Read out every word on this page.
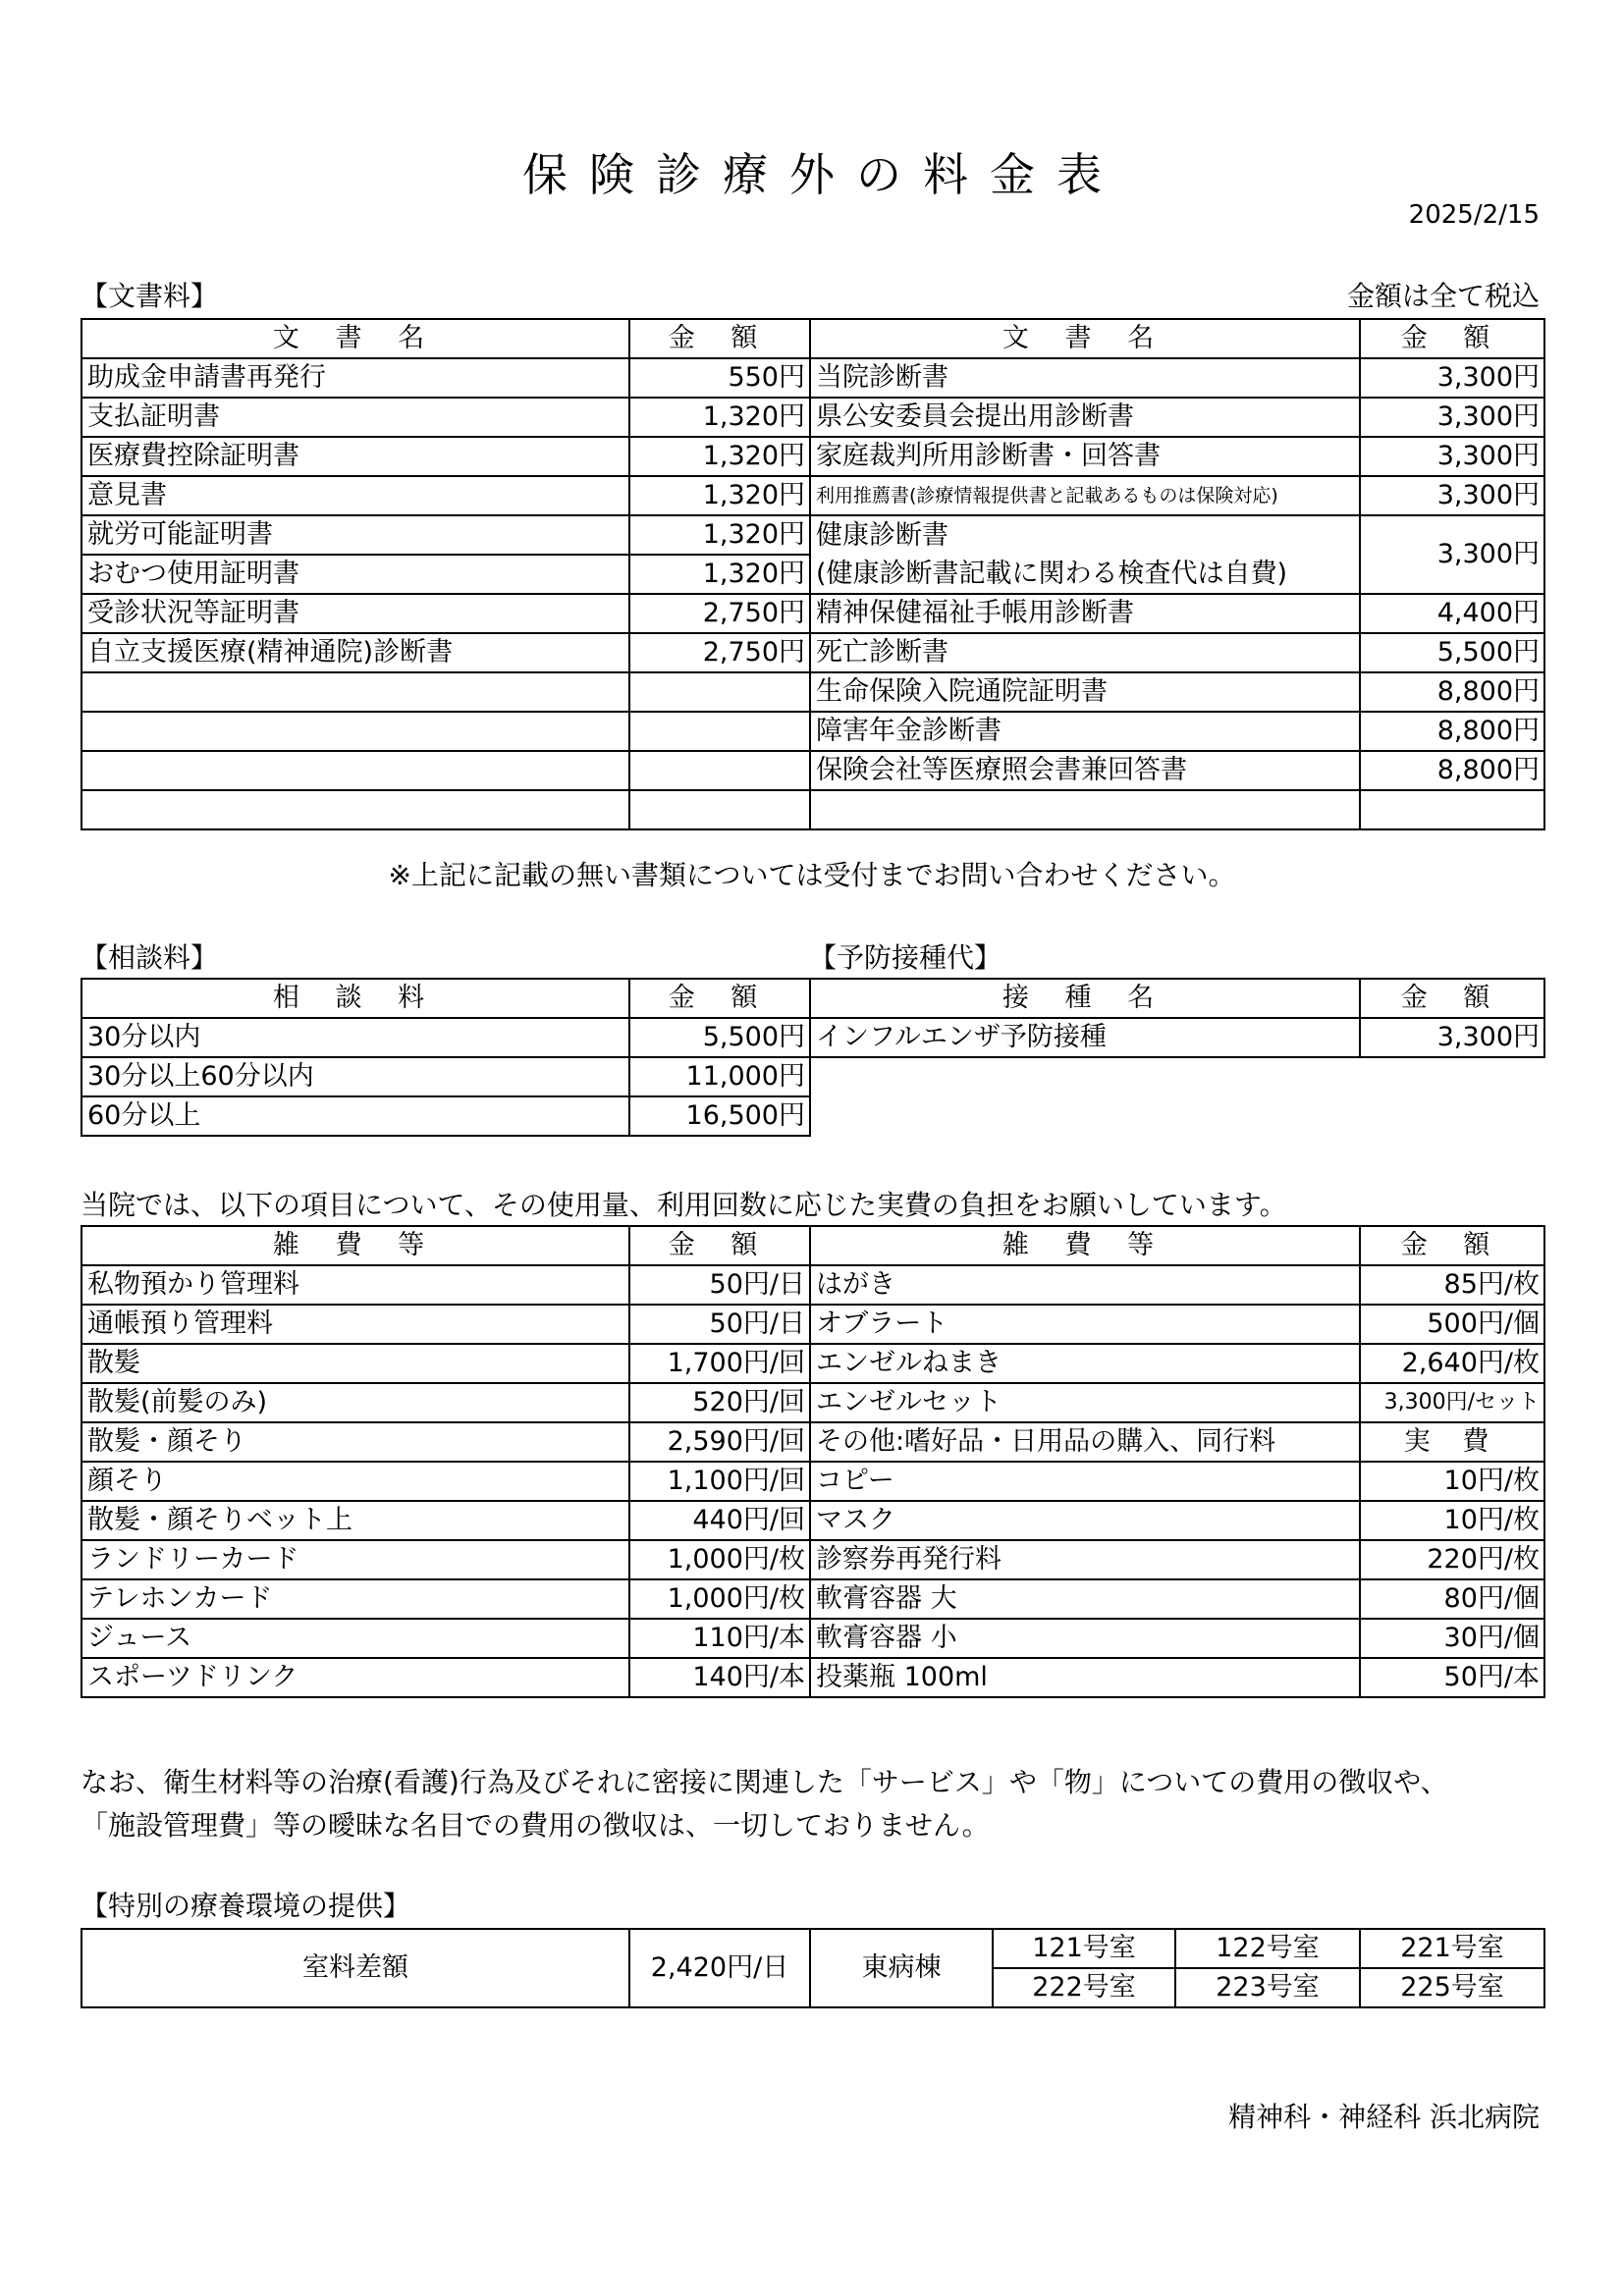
保険診療外の料金表
2025/2/15
【文書料】	金額は全て税込
文 書 名	金 額	文 書 名	金 額
助成金申請書再発行	550円	当院診断書	3,300円
支払証明書	1,320円	県公安委員会提出用診断書	3,300円
医療費控除証明書	1,320円	家庭裁判所用診断書・回答書	3,300円
意見書	1,320円	利用推薦書(診療情報提供書と記載あるものは保険対応)	3,300円
就労可能証明書	1,320円	健康診断書	3,300円
おむつ使用証明書	1,320円	(健康診断書記載に関わる検査代は自費)	
受診状況等証明書	2,750円	精神保健福祉手帳用診断書	4,400円
自立支援医療(精神通院)診断書	2,750円	死亡診断書	5,500円
		生命保険入院通院証明書	8,800円
		障害年金診断書	8,800円
		保険会社等医療照会書兼回答書	8,800円

※上記に記載の無い書類については受付までお問い合わせください。
【相談料】	【予防接種代】
相 談 料	金 額
30分以内	5,500円
30分以上60分以内	11,000円
60分以上	16,500円
接 種 名	金 額
インフルエンザ予防接種	3,300円
当院では、以下の項目について、その使用量、利用回数に応じた実費の負担をお願いしています。
雑 費 等	金 額	雑 費 等	金 額
私物預かり管理料	50円/日	はがき	85円/枚
通帳預り管理料	50円/日	オブラート	500円/個
散髪	1,700円/回	エンゼルねまき	2,640円/枚
散髪(前髪のみ)	520円/回	エンゼルセット	3,300円/セット
散髪・顔そり	2,590円/回	その他:嗜好品・日用品の購入、同行料	実 費
顔そり	1,100円/回	コピー	10円/枚
散髪・顔そりベット上	440円/回	マスク	10円/枚
ランドリーカード	1,000円/枚	診察券再発行料	220円/枚
テレホンカード	1,000円/枚	軟膏容器 大	80円/個
ジュース	110円/本	軟膏容器 小	30円/個
スポーツドリンク	140円/本	投薬瓶 100ml	50円/本
なお、衛生材料等の治療(看護)行為及びそれに密接に関連した「サービス」や「物」についての費用の徴収や、
「施設管理費」等の曖昧な名目での費用の徴収は、一切しておりません。
【特別の療養環境の提供】
室料差額	2,420円/日	東病棟	121号室	122号室	221号室
			222号室	223号室	225号室
精神科・神経科 浜北病院
